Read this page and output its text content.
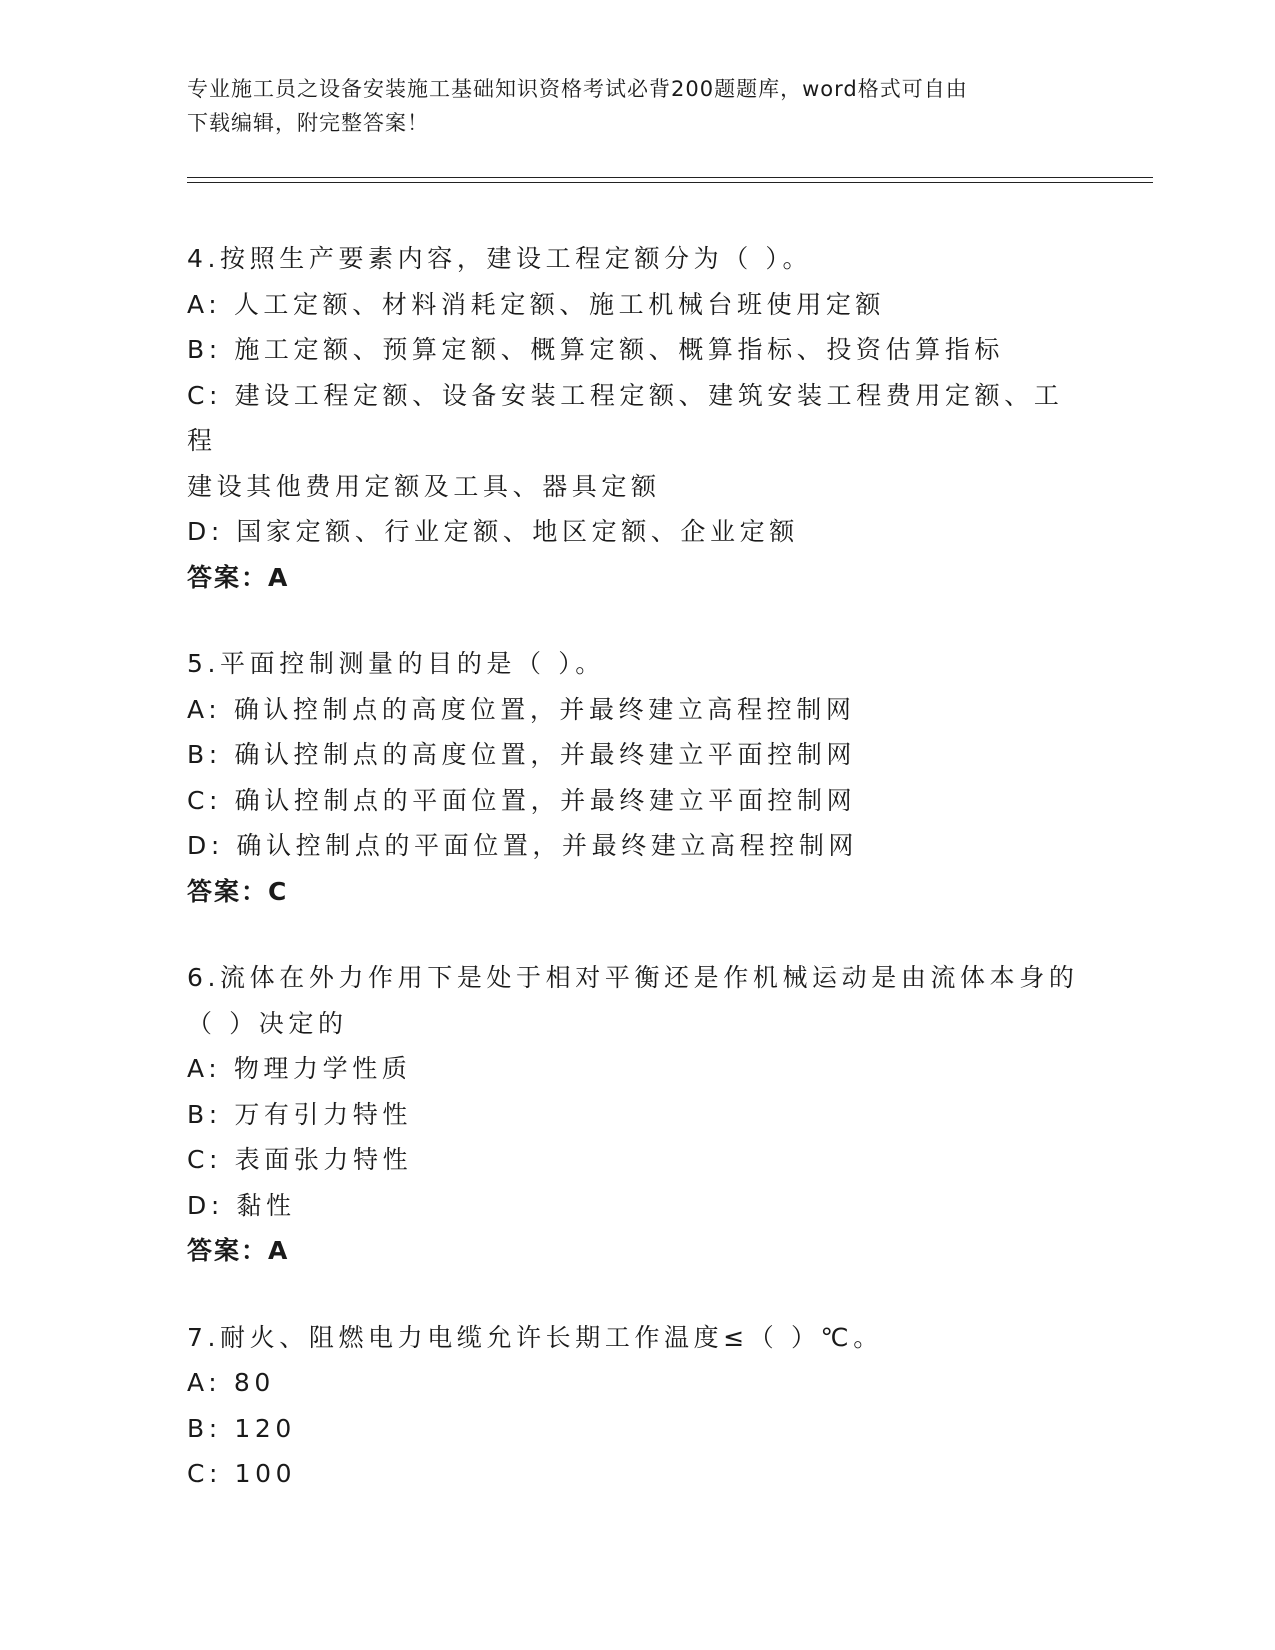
专业施工员之设备安装施工基础知识资格考试必背200题题库，word格式可自由
下载编辑，附完整答案！
4.按照生产要素内容，建设工程定额分为（ ）。
A: 人工定额、材料消耗定额、施工机械台班使用定额
B: 施工定额、预算定额、概算定额、概算指标、投资估算指标
C: 建设工程定额、设备安装工程定额、建筑安装工程费用定额、工程
建设其他费用定额及工具、器具定额
D: 国家定额、行业定额、地区定额、企业定额
答案：A
5.平面控制测量的目的是（ ）。
A: 确认控制点的高度位置，并最终建立高程控制网
B: 确认控制点的高度位置，并最终建立平面控制网
C: 确认控制点的平面位置，并最终建立平面控制网
D: 确认控制点的平面位置，并最终建立高程控制网
答案：C
6.流体在外力作用下是处于相对平衡还是作机械运动是由流体本身的
（ ）决定的
A: 物理力学性质
B: 万有引力特性
C: 表面张力特性
D: 黏性
答案：A
7.耐火、阻燃电力电缆允许长期工作温度≤（ ）℃。
A: 80
B: 120
C: 100
